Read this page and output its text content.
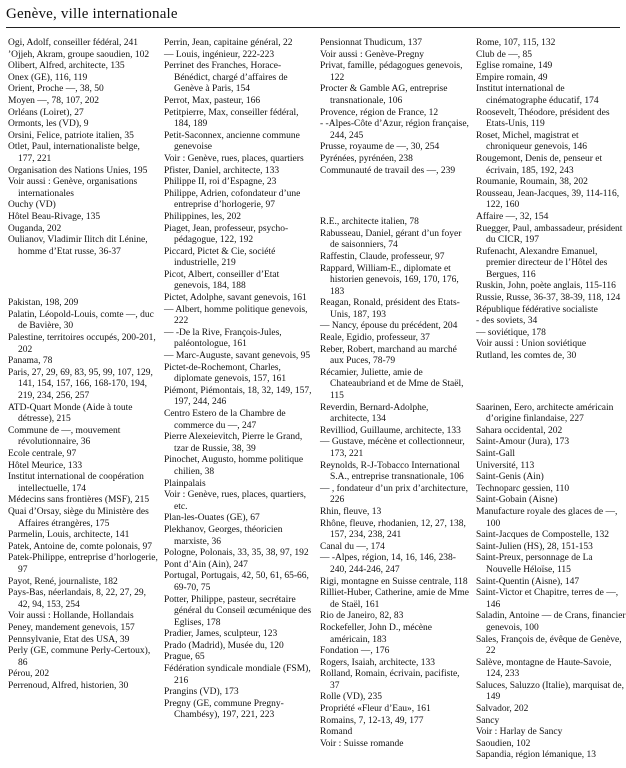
Genève, ville internationale
Ogi, Adolf, conseiller fédéral, 241
’Ojjeh, Akram, groupe saoudien, 102
Olibert, Alfred, architecte, 135
Onex (GE), 116, 119
Orient, Proche —, 38, 50
Moyen —, 78, 107, 202
Orléans (Loiret), 27
Ormonts, les (VD), 9
Orsini, Felice, patriote italien, 35
Otlet, Paul, internationaliste belge, 177, 221
Organisation des Nations Unies, 195
Voir aussi : Genève, organisations internationales
Ouchy (VD)
Hôtel Beau-Rivage, 135
Ouganda, 202
Oulianov, Vladimir Ilitch dit Lénine, homme d’Etat russe, 36-37
Pakistan, 198, 209
Palatin, Léopold-Louis, comte —, duc de Bavière, 30
Palestine, territoires occupés, 200-201, 202
Panama, 78
Paris, 27, 29, 69, 83, 95, 99, 107, 129, 141, 154, 157, 166, 168-170, 194, 219, 234, 256, 257
ATD-Quart Monde (Aide à toute détresse), 215
Commune de —, mouvement révolutionnaire, 36
Ecole centrale, 97
Hôtel Meurice, 133
Institut international de coopération intellectuelle, 174
Médecins sans frontières (MSF), 215
Quai d’Orsay, siège du Ministère des Affaires étrangères, 175
Parmelin, Louis, architecte, 141
Patek, Antoine de, comte polonais, 97
Patek-Philippe, entreprise d’horlogerie, 97
Payot, René, journaliste, 182
Pays-Bas, néerlandais, 8, 22, 27, 29, 42, 94, 153, 254
Voir aussi : Hollande, Hollandais
Peney, mandement genevois, 157
Pennsylvanie, Etat des USA, 39
Perly (GE, commune Perly-Certoux), 86
Pérou, 202
Perrenoud, Alfred, historien, 30
Perrin, Jean, capitaine général, 22
— Louis, ingénieur, 222-223
Perrinet des Franches, Horace-Bénédict, chargé d’affaires de Genève à Paris, 154
Perrot, Max, pasteur, 166
Petitpierre, Max, conseiller fédéral, 184, 189
Petit-Saconnex, ancienne commune genevoise
Voir : Genève, rues, places, quartiers
Pfister, Daniel, architecte, 133
Philippe II, roi d’Espagne, 23
Philippe, Adrien, cofondateur d’une entreprise d’horlogerie, 97
Philippines, les, 202
Piaget, Jean, professeur, psycho-pédagogue, 122, 192
Piccard, Pictet & Cie, société industrielle, 219
Picot, Albert, conseiller d’Etat genevois, 184, 188
Pictet, Adolphe, savant genevois, 161
— Albert, homme politique genevois, 222
— -De la Rive, François-Jules, paléontologue, 161
— Marc-Auguste, savant genevois, 95
Pictet-de-Rochemont, Charles, diplomate genevois, 157, 161
Piémont, Piémontais, 18, 32, 149, 157, 197, 244, 246
Centro Estero de la Chambre de commerce du —, 247
Pierre Alexeievitch, Pierre le Grand, tzar de Russie, 38, 39
Pinochet, Augusto, homme politique chilien, 38
Plainpalais
Voir : Genève, rues, places, quartiers, etc.
Plan-les-Ouates (GE), 67
Plekhanov, Georges, théoricien marxiste, 36
Pologne, Polonais, 33, 35, 38, 97, 192
Pont d’Ain (Ain), 247
Portugal, Portugais, 42, 50, 61, 65-66, 69-70, 75
Potter, Philippe, pasteur, secrétaire général du Conseil œcuménique des Eglises, 178
Pradier, James, sculpteur, 123
Prado (Madrid), Musée du, 120
Prague, 65
Fédération syndicale mondiale (FSM), 216
Prangins (VD), 173
Pregny (GE, commune Pregny-Chambésy), 197, 221, 223
Pensionnat Thudicum, 137
Voir aussi : Genève-Pregny
Privat, famille, pédagogues genevois, 122
Procter & Gamble AG, entreprise transnationale, 106
Provence, région de France, 12
- -Alpes-Côte d’Azur, région française, 244, 245
Prusse, royaume de —, 30, 254
Pyrénées, pyrénéen, 238
Communauté de travail des —, 239
R.E., architecte italien, 78
Rabusseau, Daniel, gérant d’un foyer de saisonniers, 74
Raffestin, Claude, professeur, 97
Rappard, William-E., diplomate et historien genevois, 169, 170, 176, 183
Reagan, Ronald, président des Etats-Unis, 187, 193
— Nancy, épouse du précédent, 204
Reale, Egidio, professeur, 37
Reber, Robert, marchand au marché aux Puces, 78-79
Récamier, Juliette, amie de Chateaubriand et de Mme de Staël, 115
Reverdin, Bernard-Adolphe, architecte, 134
Revilliod, Guillaume, architecte, 133
— Gustave, mécène et collectionneur, 173, 221
Reynolds, R-J-Tobacco International S.A., entreprise transnationale, 106
— , fondateur d’un prix d’architecture, 226
Rhin, fleuve, 13
Rhône, fleuve, rhodanien, 12, 27, 138, 157, 234, 238, 241
Canal du —, 174
— -Alpes, région, 14, 16, 146, 238-240, 244-246, 247
Rigi, montagne en Suisse centrale, 118
Rilliet-Huber, Catherine, amie de Mme de Staël, 161
Rio de Janeiro, 82, 83
Rockefeller, John D., mécène américain, 183
Fondation —, 176
Rogers, Isaiah, architecte, 133
Rolland, Romain, écrivain, pacifiste, 37
Rolle (VD), 235
Propriété «Fleur d’Eau», 161
Romains, 7, 12-13, 49, 177
Romand
Voir : Suisse romande
Rome, 107, 115, 132
Club de —, 85
Eglise romaine, 149
Empire romain, 49
Institut international de cinématographe éducatif, 174
Roosevelt, Théodore, président des Etats-Unis, 119
Roset, Michel, magistrat et chroniqueur genevois, 146
Rougemont, Denis de, penseur et écrivain, 185, 192, 243
Roumanie, Roumain, 38, 202
Rousseau, Jean-Jacques, 39, 114-116, 122, 160
Affaire —, 32, 154
Ruegger, Paul, ambassadeur, président du CICR, 197
Rufenacht, Alexandre Emanuel, premier directeur de l’Hôtel des Bergues, 116
Ruskin, John, poète anglais, 115-116
Russie, Russe, 36-37, 38-39, 118, 124
République fédérative socialiste
- des soviets, 34
— soviétique, 178
Voir aussi : Union soviétique
Rutland, les comtes de, 30
Saarinen, Eero, architecte américain d’origine finlandaise, 227
Sahara occidental, 202
Saint-Amour (Jura), 173
Saint-Gall
Université, 113
Saint-Genis (Ain)
Technoparc gessien, 110
Saint-Gobain (Aisne)
Manufacture royale des glaces de —, 100
Saint-Jacques de Compostelle, 132
Saint-Julien (HS), 28, 151-153
Saint-Preux, personnage de La Nouvelle Héloïse, 115
Saint-Quentin (Aisne), 147
Saint-Victor et Chapitre, terres de —, 146
Saladin, Antoine — de Crans, financier genevois, 100
Sales, François de, évêque de Genève, 22
Salève, montagne de Haute-Savoie, 124, 233
Saluces, Saluzzo (Italie), marquisat de, 149
Salvador, 202
Sancy
Voir : Harlay de Sancy
Saoudien, 102
Sapandia, région lémanique, 13
